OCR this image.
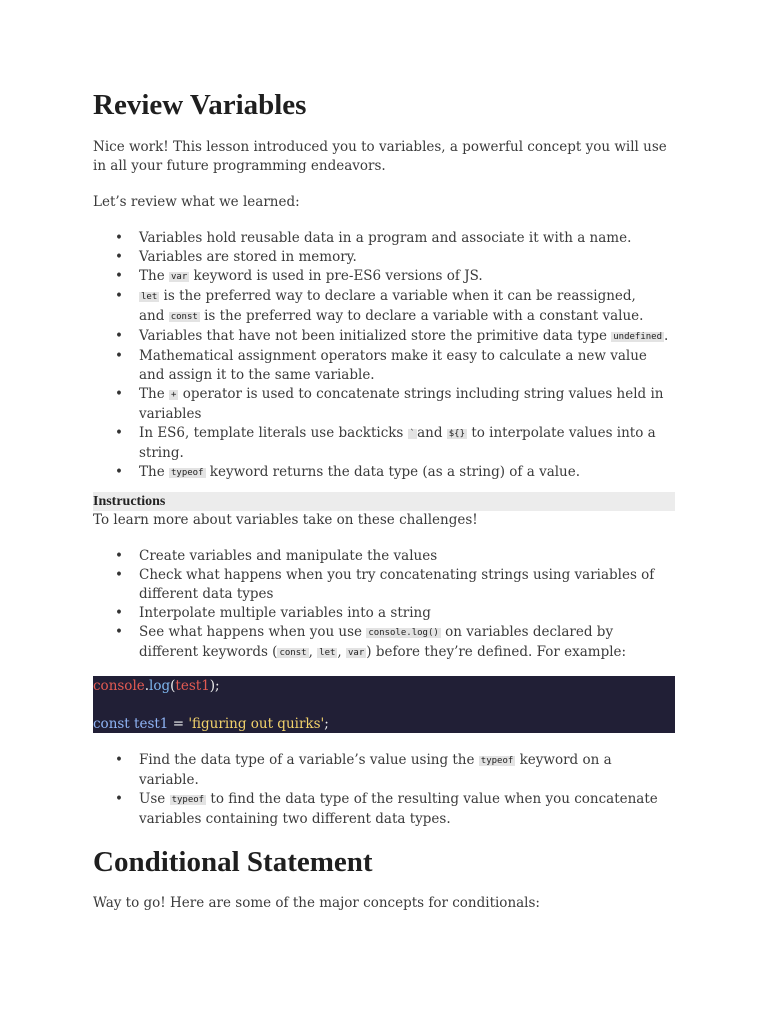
Review Variables

Nice work! This lesson introduced you to variables, a powerful concept you will use in all your future programming endeavors.

Let’s review what we learned:

• Variables hold reusable data in a program and associate it with a name.
• Variables are stored in memory.
• The var keyword is used in pre-ES6 versions of JS.
• let is the preferred way to declare a variable when it can be reassigned,
and const is the preferred way to declare a variable with a constant value.
• Variables that have not been initialized store the primitive data type undefined .
• Mathematical assignment operators make it easy to calculate a new value and assign it to the same variable.
• The + operator is used to concatenate strings including string values held in variables
• In ES6, template literals use backticks ` and ${} to interpolate values into a string.
• The typeof keyword returns the data type (as a string) of a value.
Instructions

To learn more about variables take on these challenges!

• Create variables and manipulate the values
• Check what happens when you try concatenating strings using variables of different data types
• Interpolate multiple variables into a string
• See what happens when you use console.log() on variables declared by different keywords ( const , let , var ) before they’re defined. For example:
console.log(test1);
const test1 = 'figuring out quirks';
• Find the data type of a variable’s value using the typeof keyword on a variable.
• Use typeof to find the data type of the resulting value when you concatenate variables containing two different data types.
Conditional Statement

Way to go! Here are some of the major concepts for conditionals:
